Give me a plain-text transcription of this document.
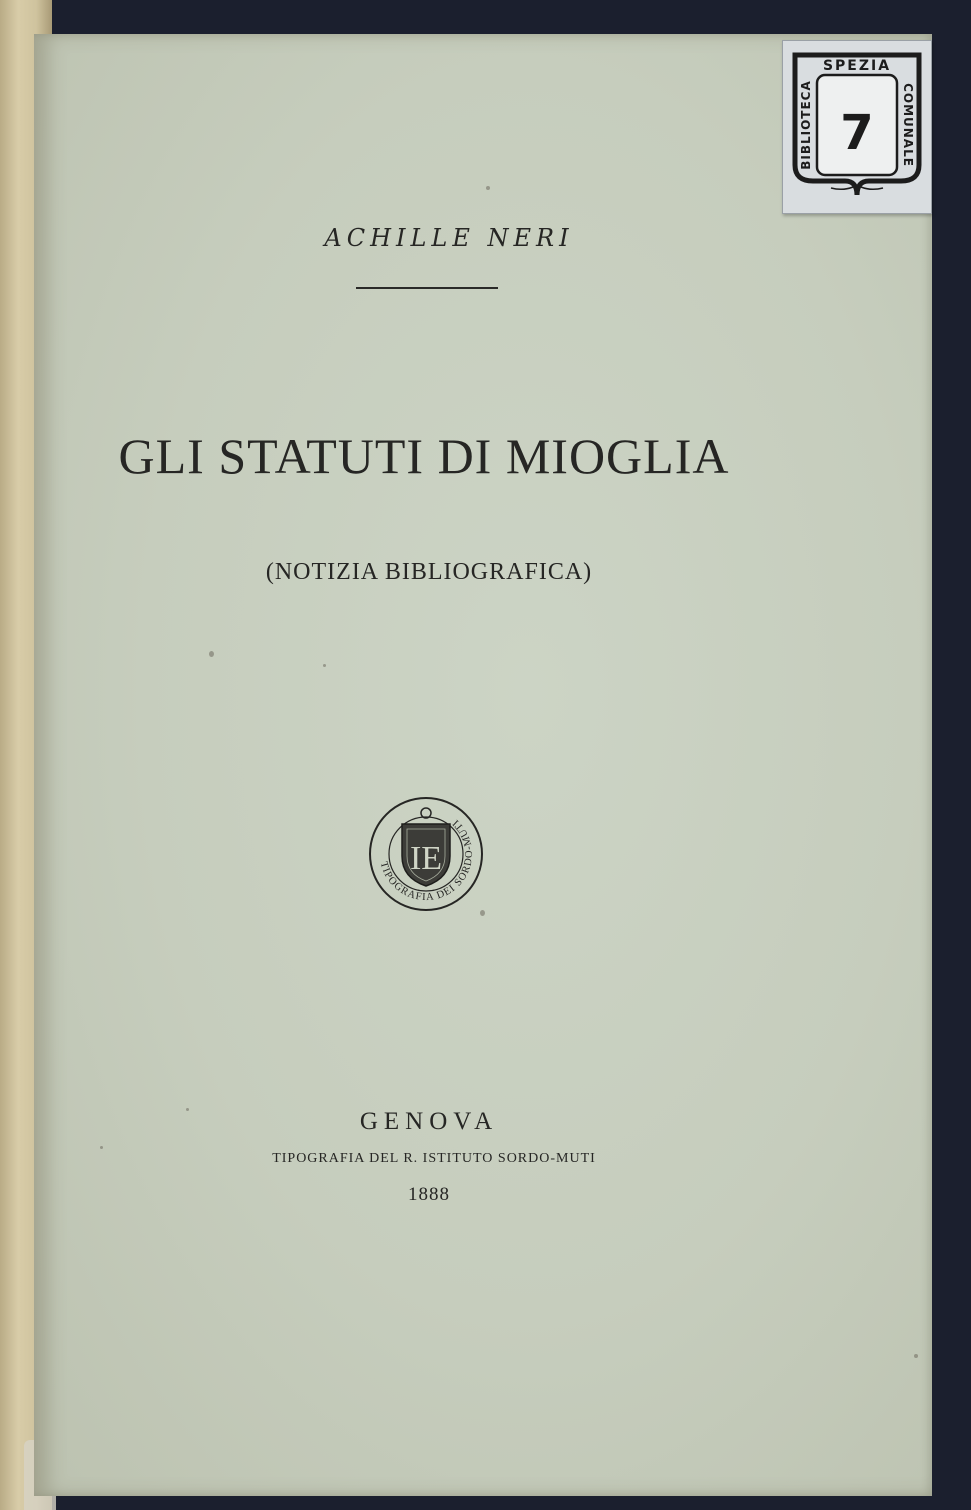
ACHILLE NERI
GLI STATUTI DI MIOGLIA
(NOTIZIA BIBLIOGRAFICA)
TIPOGRAFIA DEI SORDO-MUTI
IE
GENOVA
TIPOGRAFIA DEL R. ISTITUTO SORDO-MUTI
1888
SPEZIA
BIBLIOTECA	COMUNALE
7
